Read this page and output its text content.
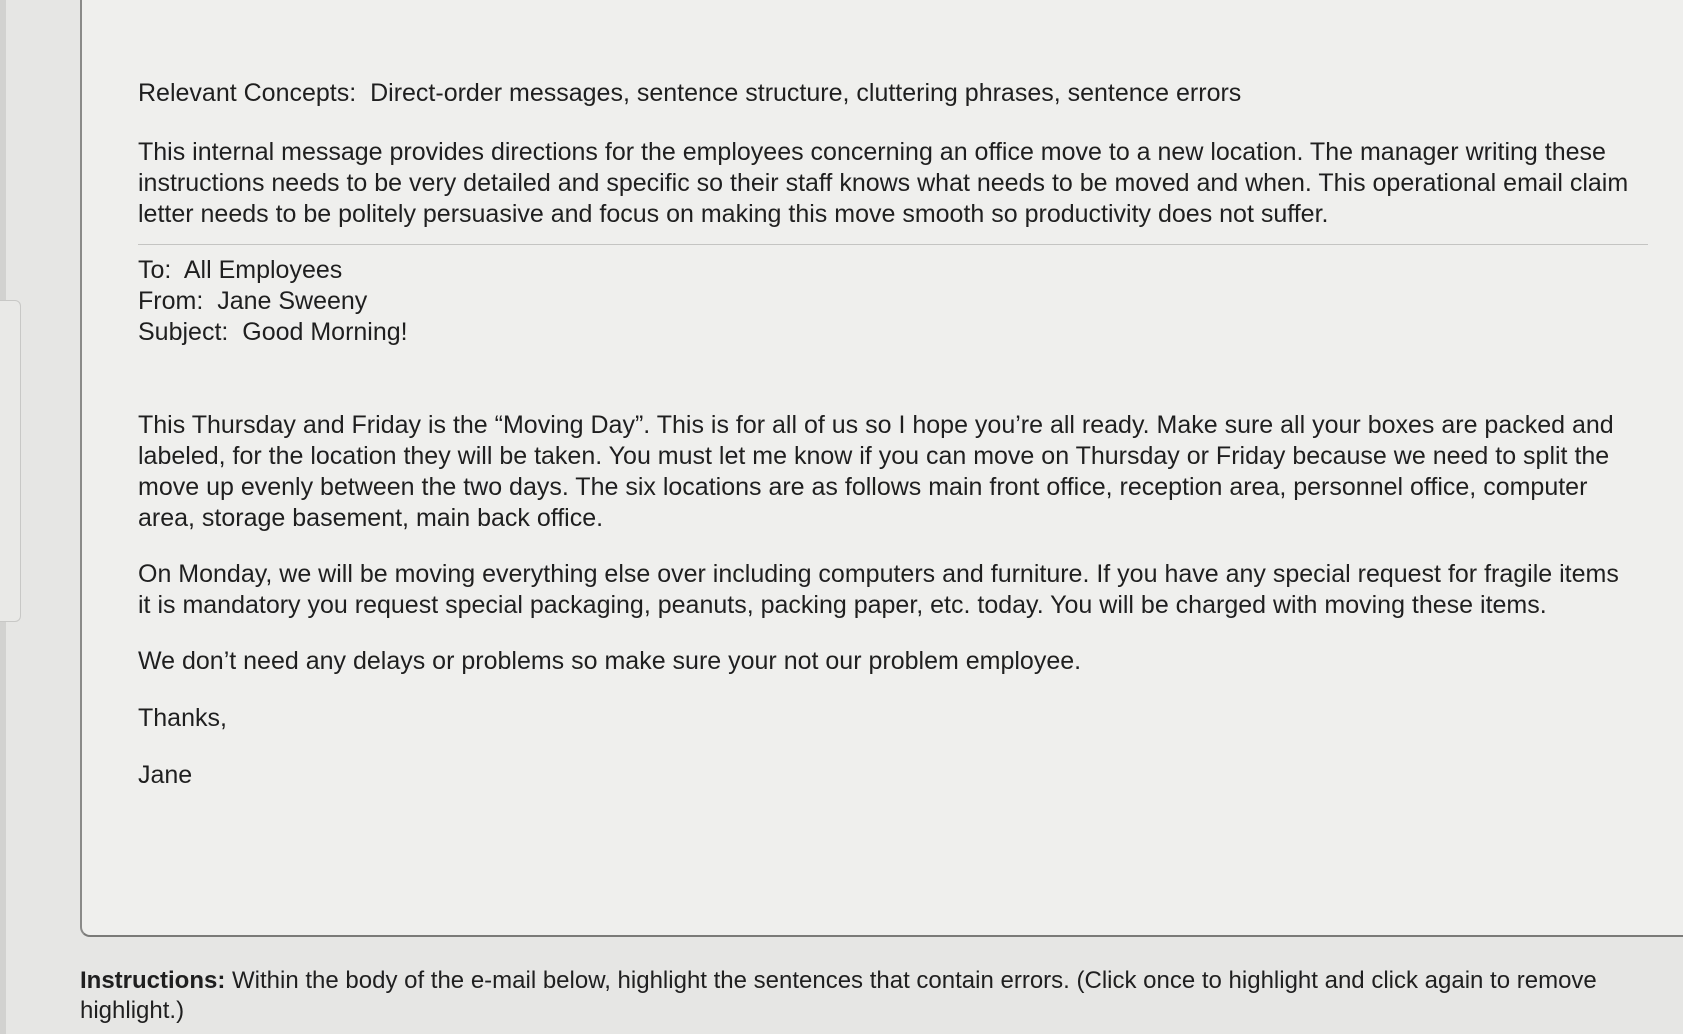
Relevant Concepts: Direct-order messages, sentence structure, cluttering phrases, sentence errors

This internal message provides directions for the employees concerning an office move to a new location. The manager writing these instructions needs to be very detailed and specific so their staff knows what needs to be moved and when. This operational email claim letter needs to be politely persuasive and focus on making this move smooth so productivity does not suffer.

To: All Employees

From: Jane Sweeny

Subject: Good Morning!

This Thursday and Friday is the “Moving Day”. This is for all of us so I hope you’re all ready. Make sure all your boxes are packed and labeled, for the location they will be taken. You must let me know if you can move on Thursday or Friday because we need to split the move up evenly between the two days. The six locations are as follows main front office, reception area, personnel office, computer area, storage basement, main back office.

On Monday, we will be moving everything else over including computers and furniture. If you have any special request for fragile items it is mandatory you request special packaging, peanuts, packing paper, etc. today. You will be charged with moving these items.

We don’t need any delays or problems so make sure your not our problem employee.

Thanks,

Jane

Instructions: Within the body of the e-mail below, highlight the sentences that contain errors. (Click once to highlight and click again to remove highlight.)
